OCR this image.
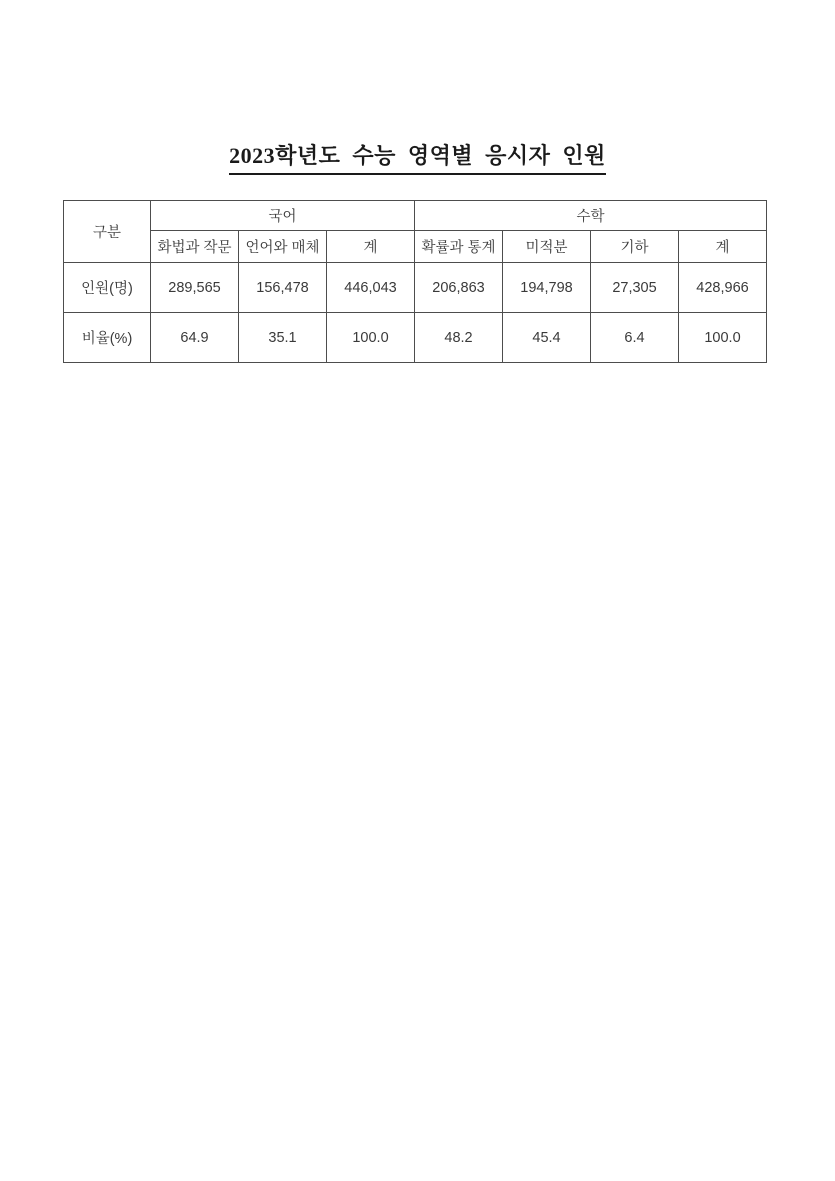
2023학년도 수능 영역별 응시자 인원
구분	국어			수학			
	화법과 작문	언어와 매체	계	확률과 통계	미적분	기하	계
인원(명)	289,565	156,478	446,043	206,863	194,798	27,305	428,966
비율(%)	64.9	35.1	100.0	48.2	45.4	6.4	100.0
